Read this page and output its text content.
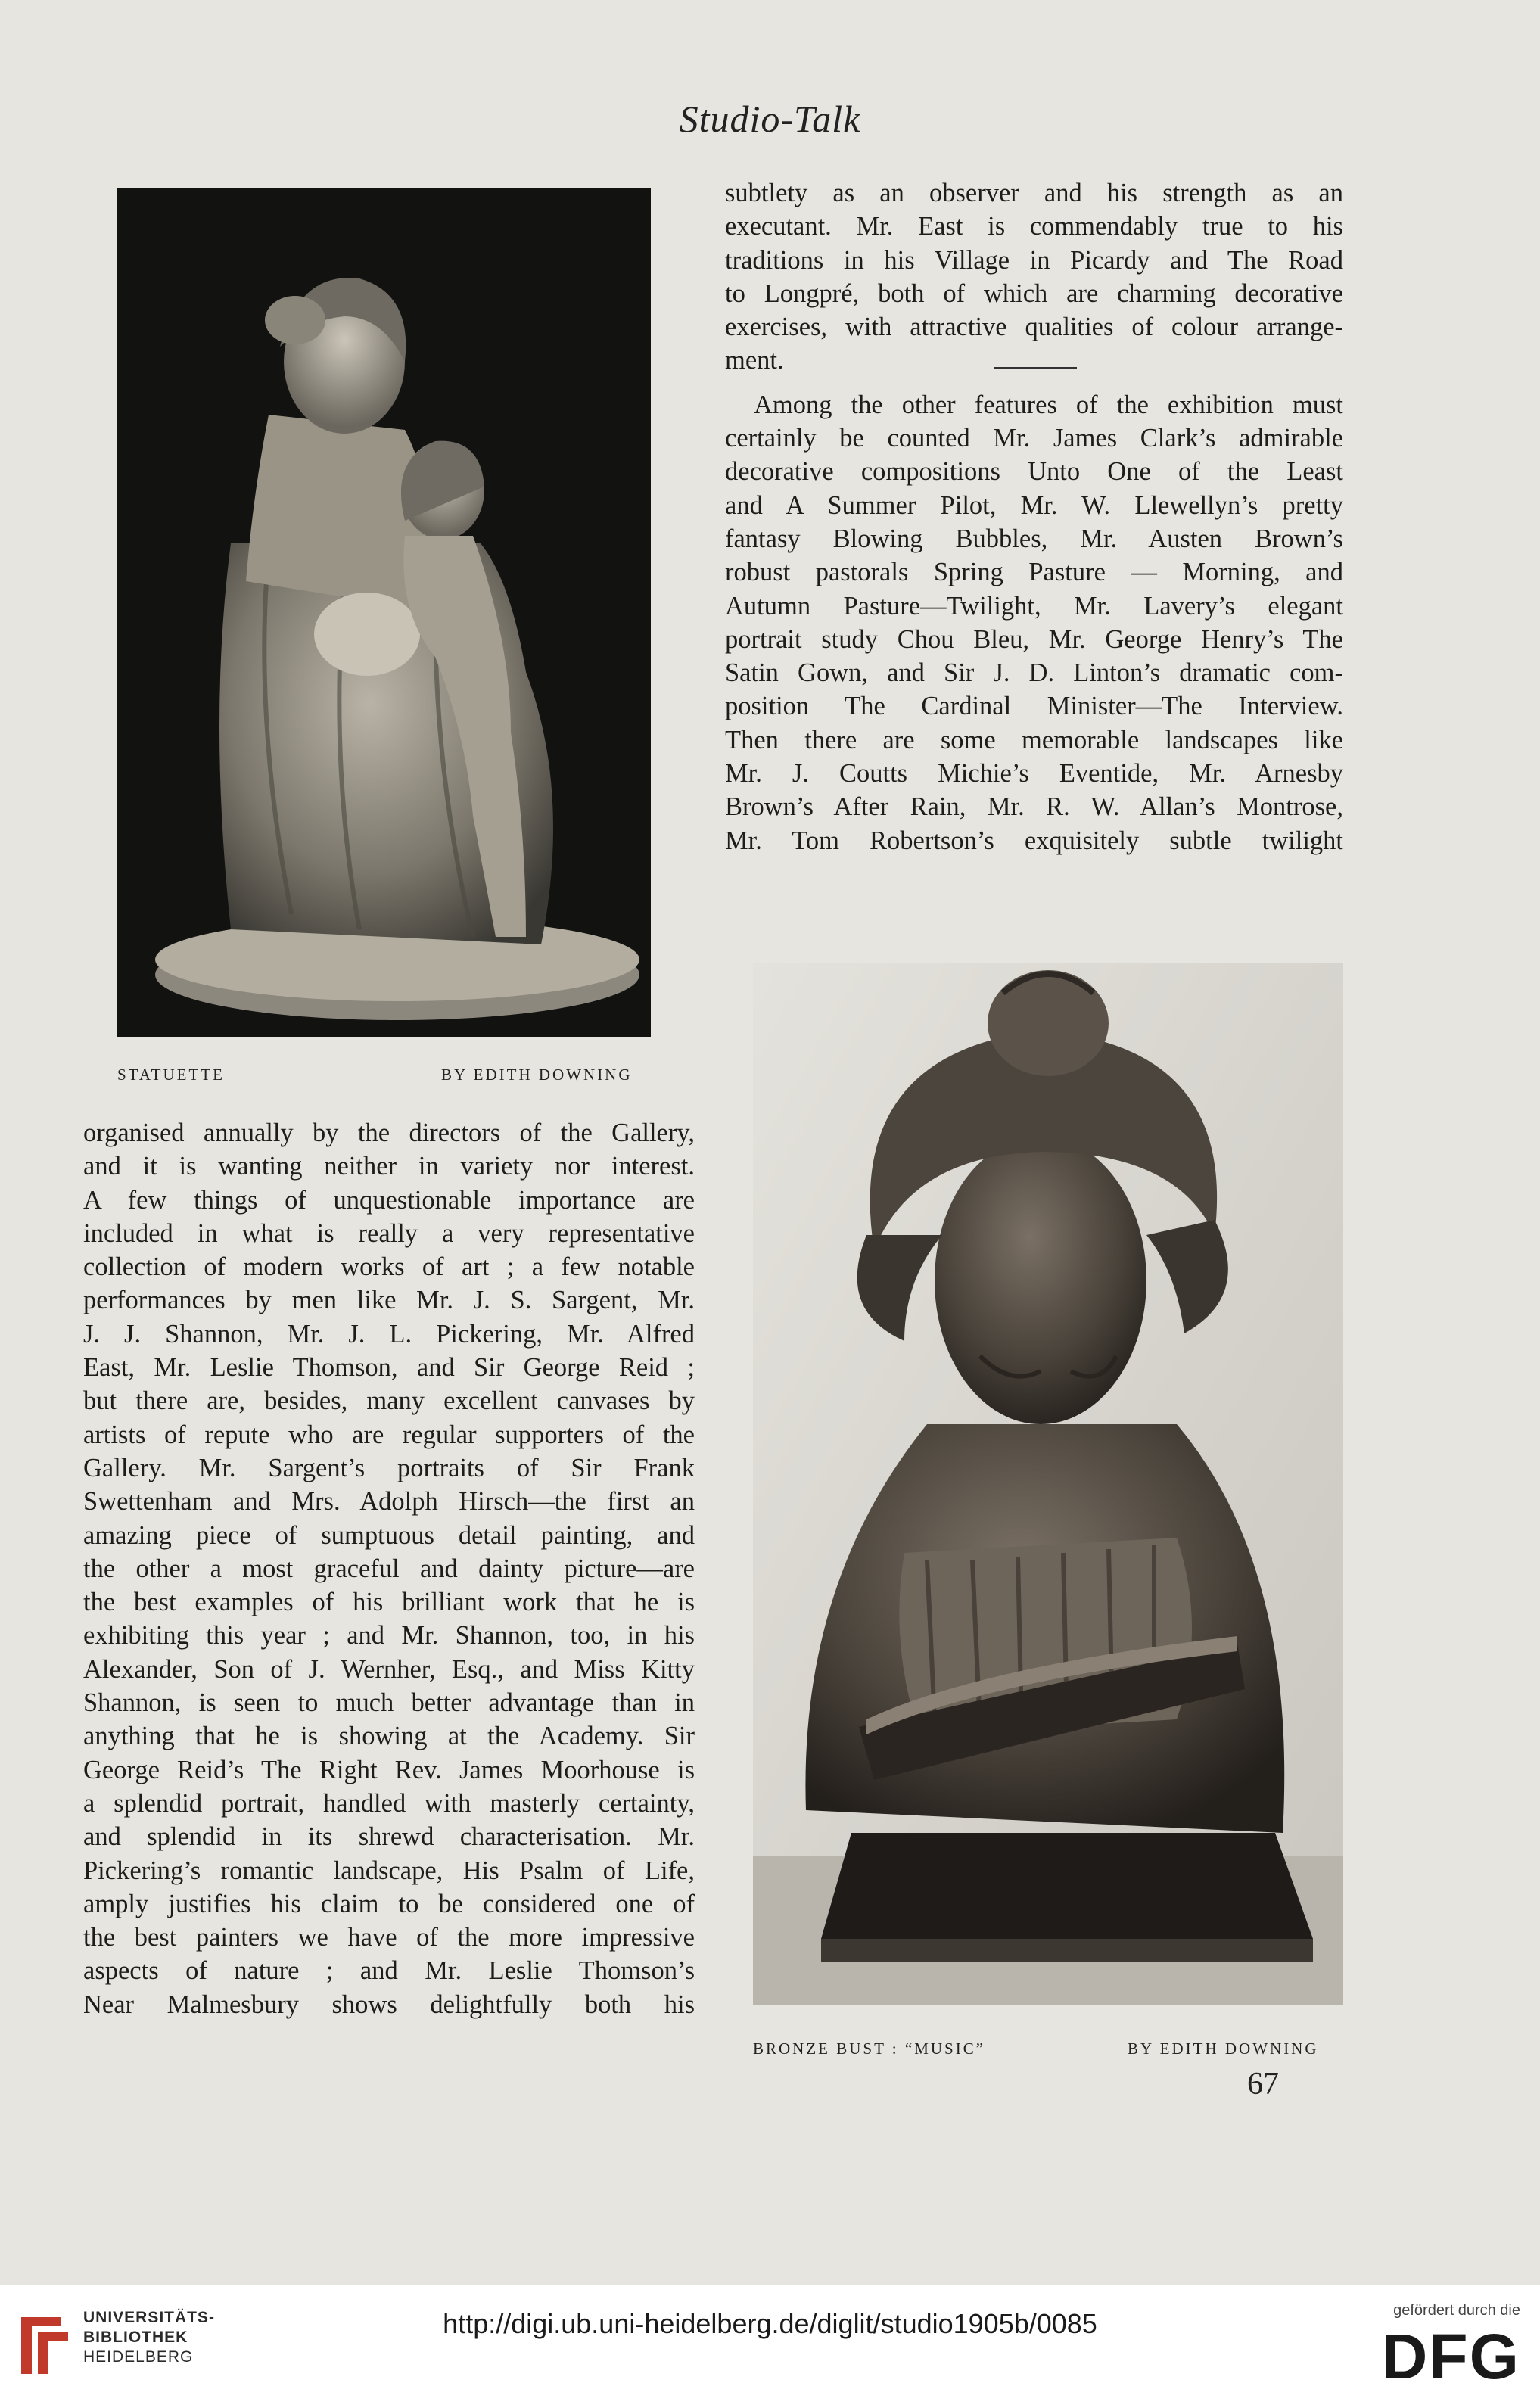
Studio-Talk
STATUETTE	BY EDITH DOWNING

subtlety as an observer and his strength as an

executant. Mr. East is commendably true to his

traditions in his Village in Picardy and The Road

to Longpré, both of which are charming decorative

exercises, with attractive qualities of colour arrange-

ment.

Among the other features of the exhibition must

certainly be counted Mr. James Clark’s admirable

decorative compositions Unto One of the Least

and A Summer Pilot, Mr. W. Llewellyn’s pretty

fantasy Blowing Bubbles, Mr. Austen Brown’s

robust pastorals Spring Pasture — Morning, and

Autumn Pasture—Twilight, Mr. Lavery’s elegant

portrait study Chou Bleu, Mr. George Henry’s The

Satin Gown, and Sir J. D. Linton’s dramatic com-

position The Cardinal Minister—The Interview.

Then there are some memorable landscapes like

Mr. J. Coutts Michie’s Eventide, Mr. Arnesby

Brown’s After Rain, Mr. R. W. Allan’s Montrose,

Mr. Tom Robertson’s exquisitely subtle twilight

BRONZE BUST : “MUSIC”	BY EDITH DOWNING

organised annually by the directors of the Gallery,

and it is wanting neither in variety nor interest.

A few things of unquestionable importance are

included in what is really a very representative

collection of modern works of art ; a few notable

performances by men like Mr. J. S. Sargent, Mr.

J. J. Shannon, Mr. J. L. Pickering, Mr. Alfred

East, Mr. Leslie Thomson, and Sir George Reid ;

but there are, besides, many excellent canvases by

artists of repute who are regular supporters of the

Gallery. Mr. Sargent’s portraits of Sir Frank

Swettenham and Mrs. Adolph Hirsch—the first an

amazing piece of sumptuous detail painting, and

the other a most graceful and dainty picture—are

the best examples of his brilliant work that he is

exhibiting this year ; and Mr. Shannon, too, in his

Alexander, Son of J. Wernher, Esq., and Miss Kitty

Shannon, is seen to much better advantage than in

anything that he is showing at the Academy. Sir

George Reid’s The Right Rev. James Moorhouse is

a splendid portrait, handled with masterly certainty,

and splendid in its shrewd characterisation. Mr.

Pickering’s romantic landscape, His Psalm of Life,

amply justifies his claim to be considered one of

the best painters we have of the more impressive

aspects of nature ; and Mr. Leslie Thomson’s

Near Malmesbury shows delightfully both his

67
UNIVERSITÄTS-
BIBLIOTHEK
HEIDELBERG
http://digi.ub.uni-heidelberg.de/diglit/studio1905b/0085	gefördert durch die
DFG
